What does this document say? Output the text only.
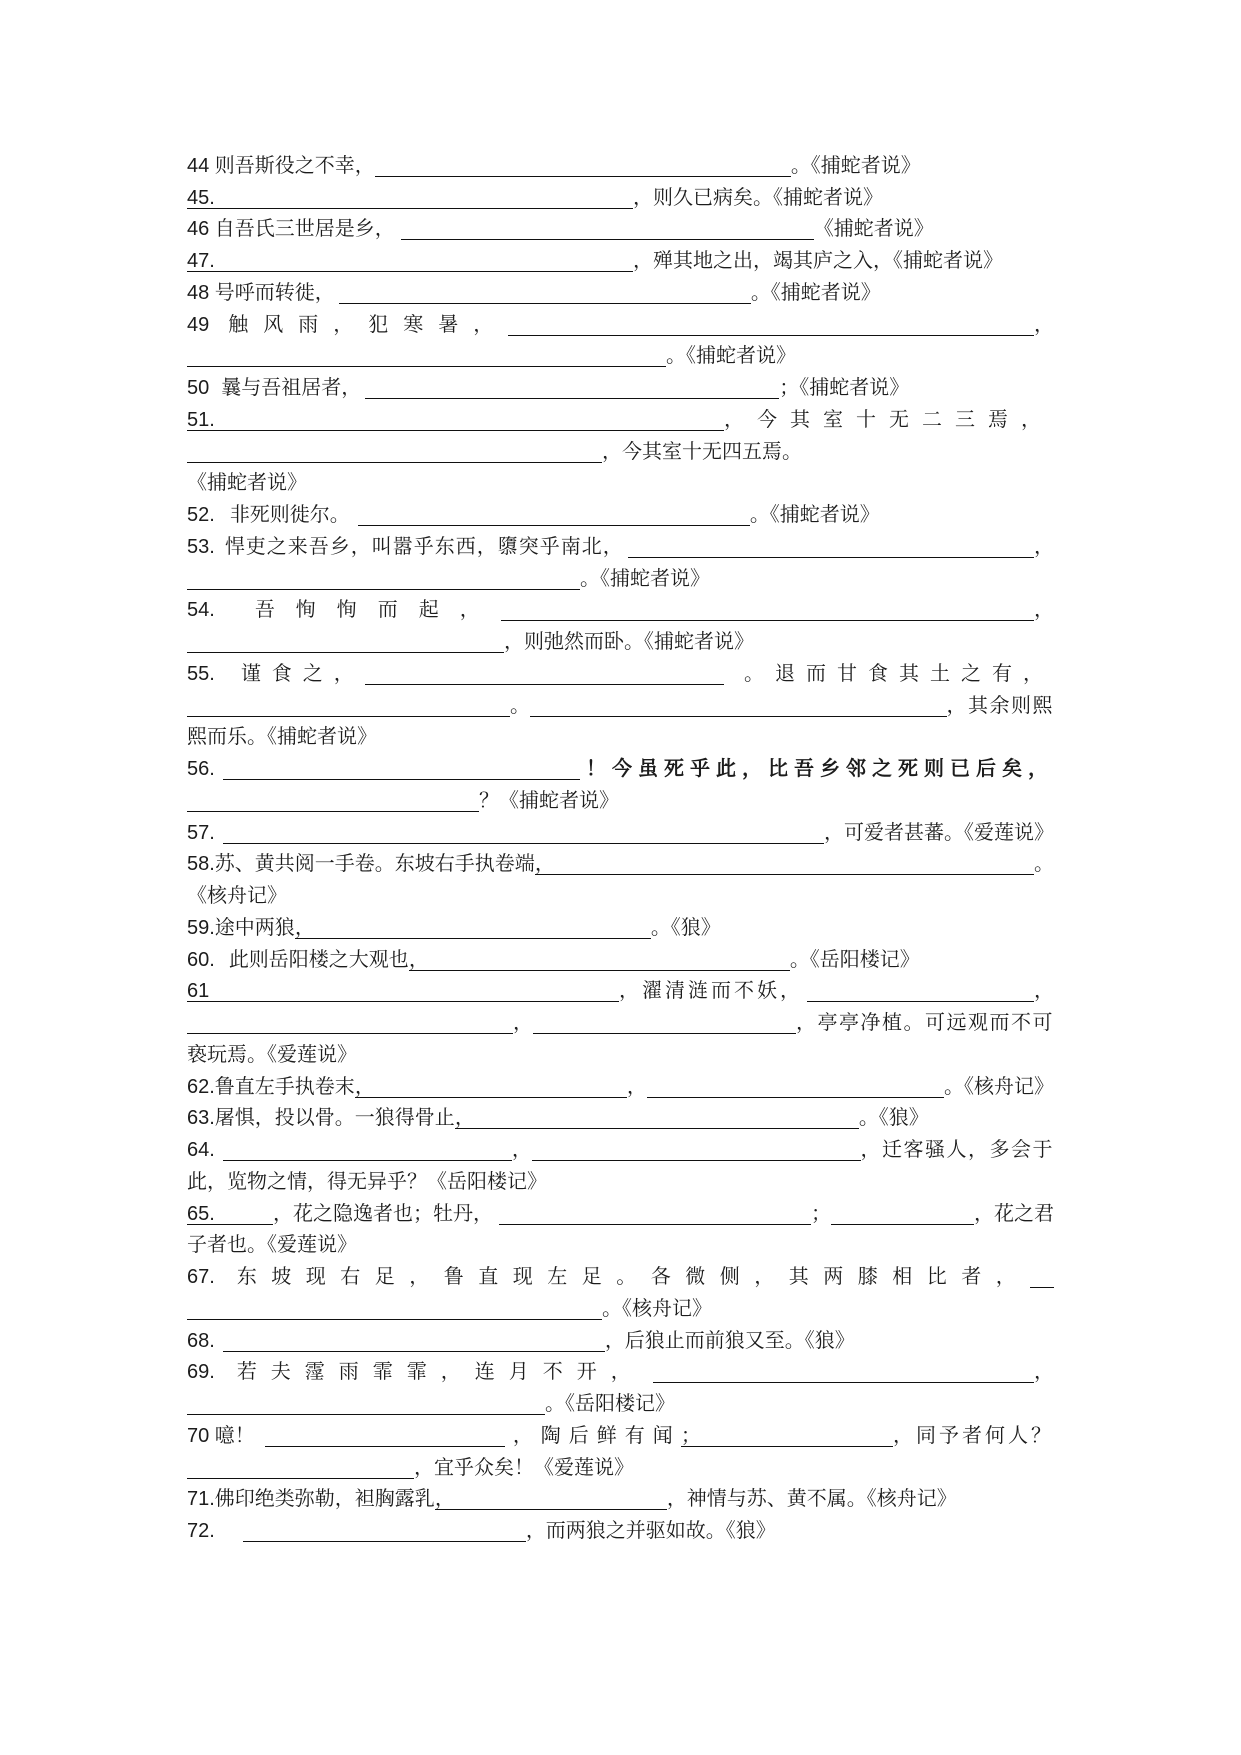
44 则吾斯役之不幸，	。《捕蛇者说》
45.	，则久已病矣。《捕蛇者说》
46 自吾氏三世居是乡，	《捕蛇者说》
47.	，殚其地之出，竭其庐之入，《捕蛇者说》
48 号呼而转徙，	。《捕蛇者说》
49 触风雨，犯寒暑，	，
。《捕蛇者说》
50 曩与吾祖居者，	；《捕蛇者说》
51.	，今其室十无二三焉，
，今其室十无四五焉。
《捕蛇者说》
52. 非死则徙尔。	。《捕蛇者说》
53. 悍吏之来吾乡，叫嚣乎东西，隳突乎南北，	，
。《捕蛇者说》
54. 吾恂恂而起，	，
，则弛然而卧。《捕蛇者说》
55. 谨食之，	。退而甘食其土之有，
。	，其余则熙
熙而乐。《捕蛇者说》
56.	！今虽死乎此，比吾乡邻之死则已后矣，
？《捕蛇者说》
57.	，可爱者甚蕃。《爱莲说》
58.苏、黄共阅一手卷。东坡右手执卷端 ，	。
《核舟记》
59.途中两狼 ，	。《狼》
60. 此则岳阳楼之大观也 ，	。《岳阳楼记》
61	，濯清涟而不妖，	，
，	，亭亭净植。可远观而不可
亵玩焉。《爱莲说》
62.鲁直左手执卷末 ，	，	。《核舟记》
63.屠惧，投以骨。一狼得骨止 ，	。《狼》
64.	，	，迁客骚人，多会于
此，览物之情，得无异乎？《岳阳楼记》
65.	，花之隐逸者也；牡丹，	；	，花之君
子者也。《爱莲说》
67. 东坡现右足，鲁直现左足。各微侧，其两膝相比者，
。《核舟记》
68.	，后狼止而前狼又至。《狼》
69. 若夫霪雨霏霏，连月不开，	，
。《岳阳楼记》
70 噫！	，陶后鲜有闻 ；	，同予者何人？
，宜乎众矣！《爱莲说》
71.佛印绝类弥勒，袒胸露乳 ，	，神情与苏、黄不属。《核舟记》
72.	，而两狼之并驱如故。《狼》
